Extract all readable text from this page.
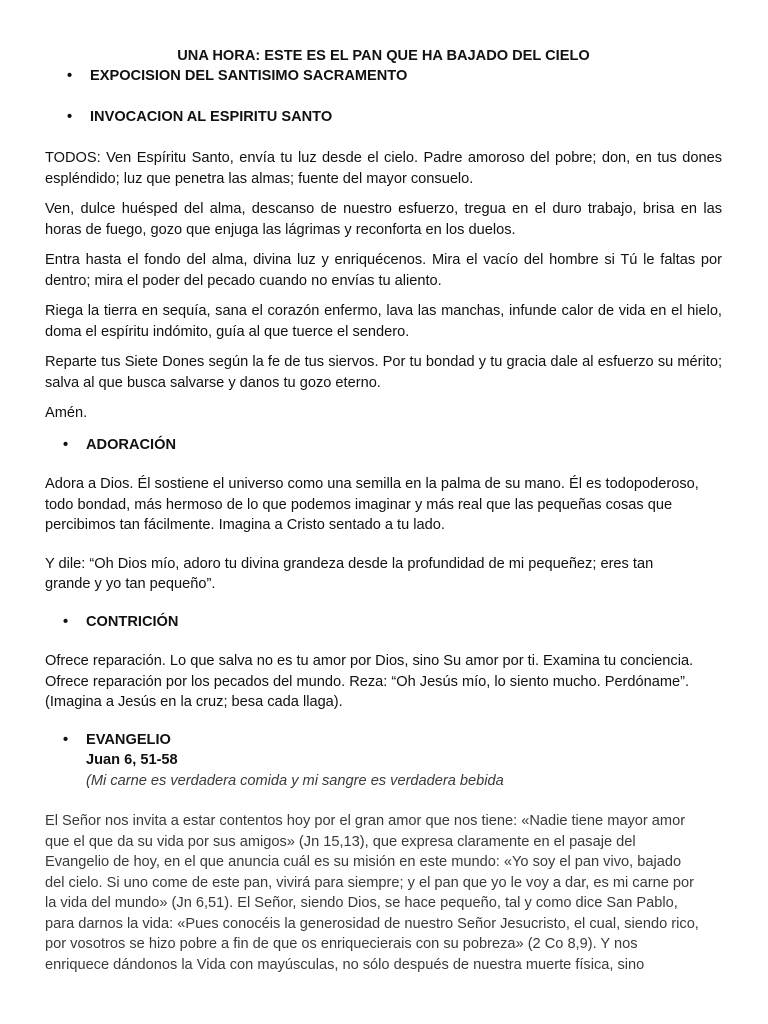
UNA HORA: ESTE ES EL PAN QUE HA BAJADO DEL CIELO
• EXPOCISION DEL SANTISIMO SACRAMENTO
• INVOCACION AL ESPIRITU SANTO

TODOS: Ven Espíritu Santo, envía tu luz desde el cielo. Padre amoroso del pobre; don, en tus dones espléndido; luz que penetra las almas; fuente del mayor consuelo.

Ven, dulce huésped del alma, descanso de nuestro esfuerzo, tregua en el duro trabajo, brisa en las horas de fuego, gozo que enjuga las lágrimas y reconforta en los duelos.

Entra hasta el fondo del alma, divina luz y enriquécenos. Mira el vacío del hombre si Tú le faltas por dentro; mira el poder del pecado cuando no envías tu aliento.

Riega la tierra en sequía, sana el corazón enfermo, lava las manchas, infunde calor de vida en el hielo, doma el espíritu indómito, guía al que tuerce el sendero.

Reparte tus Siete Dones según la fe de tus siervos. Por tu bondad y tu gracia dale al esfuerzo su mérito; salva al que busca salvarse y danos tu gozo eterno.

Amén.

• ADORACIÓN

Adora a Dios. Él sostiene el universo como una semilla en la palma de su mano. Él es todopoderoso,

todo bondad, más hermoso de lo que podemos imaginar y más real que las pequeñas cosas que

percibimos tan fácilmente. Imagina a Cristo sentado a tu lado.

Y dile: “Oh Dios mío, adoro tu divina grandeza desde la profundidad de mi pequeñez; eres tan

grande y yo tan pequeño”.

• CONTRICIÓN

Ofrece reparación. Lo que salva no es tu amor por Dios, sino Su amor por ti. Examina tu conciencia.

Ofrece reparación por los pecados del mundo. Reza: “Oh Jesús mío, lo siento mucho. Perdóname”.

(Imagina a Jesús en la cruz; besa cada llaga).

• EVANGELIO
Juan 6, 51-58
(Mi carne es verdadera comida y mi sangre es verdadera bebida

El Señor nos invita a estar contentos hoy por el gran amor que nos tiene: «Nadie tiene mayor amor

que el que da su vida por sus amigos» (Jn 15,13), que expresa claramente en el pasaje del

Evangelio de hoy, en el que anuncia cuál es su misión en este mundo: «Yo soy el pan vivo, bajado

del cielo. Si uno come de este pan, vivirá para siempre; y el pan que yo le voy a dar, es mi carne por

la vida del mundo» (Jn 6,51). El Señor, siendo Dios, se hace pequeño, tal y como dice San Pablo,

para darnos la vida: «Pues conocéis la generosidad de nuestro Señor Jesucristo, el cual, siendo rico,

por vosotros se hizo pobre a fin de que os enriquecierais con su pobreza» (2 Co 8,9). Y nos

enriquece dándonos la Vida con mayúsculas, no sólo después de nuestra muerte física, sino
